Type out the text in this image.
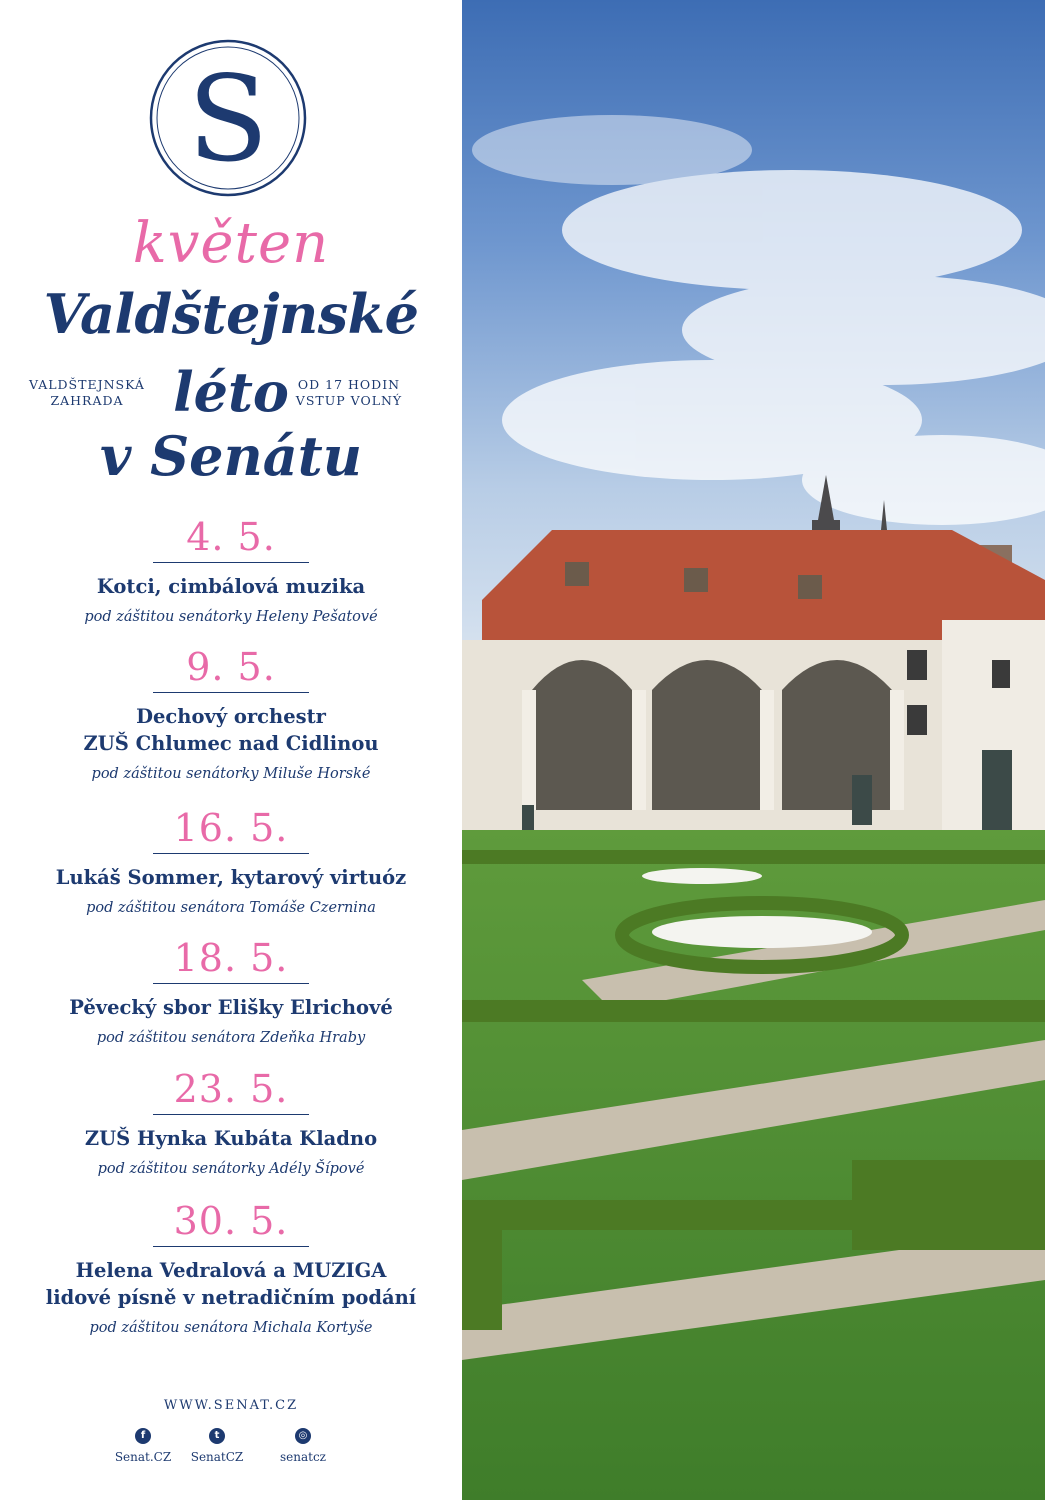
S
květen
Valdštejnské
léto
v Senátu
VALDŠTEJNSKÁ
ZAHRADA
OD 17 HODIN
VSTUP VOLNÝ
4. 5.
Kotci, cimbálová muzika
pod záštitou senátorky Heleny Pešatové
9. 5.
Dechový orchestr
ZUŠ Chlumec nad Cidlinou
pod záštitou senátorky Miluše Horské
16. 5.
Lukáš Sommer, kytarový virtuóz
pod záštitou senátora Tomáše Czernina
18. 5.
Pěvecký sbor Elišky Elrichové
pod záštitou senátora Zdeňka Hraby
23. 5.
ZUŠ Hynka Kubáta Kladno
pod záštitou senátorky Adély Šípové
30. 5.
Helena Vedralová a MUZIGA
lidové písně v netradičním podání
pod záštitou senátora Michala Kortyše
WWW.SENAT.CZ
f
Senat.CZ
t
SenatCZ
◎
senatcz
